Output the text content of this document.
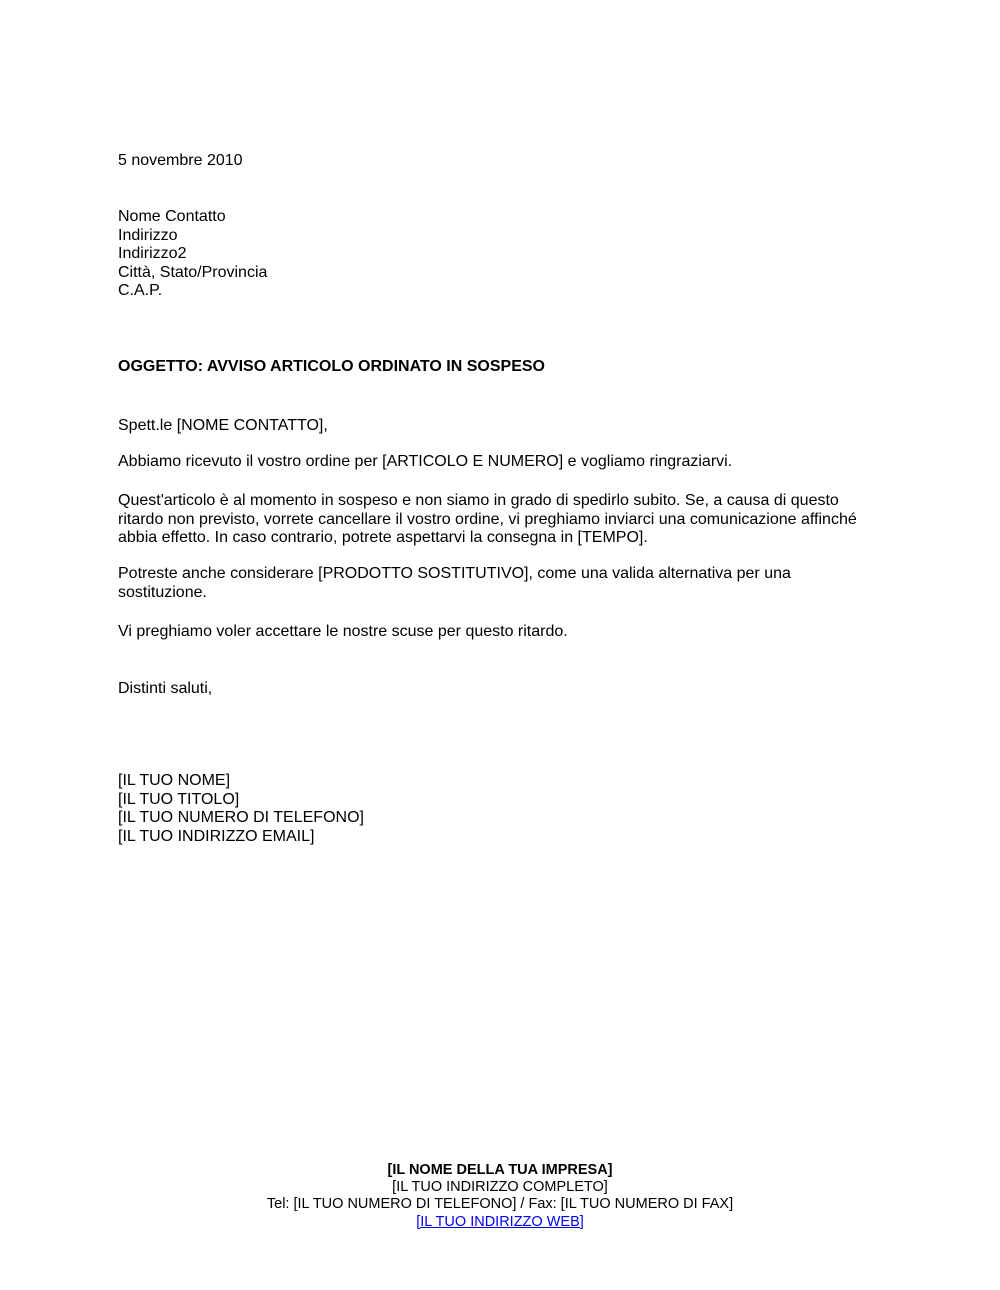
5 novembre 2010
Nome Contatto
Indirizzo
Indirizzo2
Città, Stato/Provincia
C.A.P.
OGGETTO: AVVISO ARTICOLO ORDINATO IN SOSPESO
Spett.le [NOME CONTATTO],
Abbiamo ricevuto il vostro ordine per [ARTICOLO E NUMERO] e vogliamo ringraziarvi.
Quest'articolo è al momento in sospeso e non siamo in grado di spedirlo subito. Se, a causa di questo ritardo non previsto, vorrete cancellare il vostro ordine, vi preghiamo inviarci una comunicazione affinché abbia effetto. In caso contrario, potrete aspettarvi la consegna in [TEMPO].
Potreste anche considerare [PRODOTTO SOSTITUTIVO], come una valida alternativa per una sostituzione.
Vi preghiamo voler accettare le nostre scuse per questo ritardo.
Distinti saluti,
[IL TUO NOME]
[IL TUO TITOLO]
[IL TUO NUMERO DI TELEFONO]
[IL TUO INDIRIZZO EMAIL]
[IL NOME DELLA TUA IMPRESA]
[IL TUO INDIRIZZO COMPLETO]
Tel: [IL TUO NUMERO DI TELEFONO] / Fax: [IL TUO NUMERO DI FAX]
[IL TUO INDIRIZZO WEB]
